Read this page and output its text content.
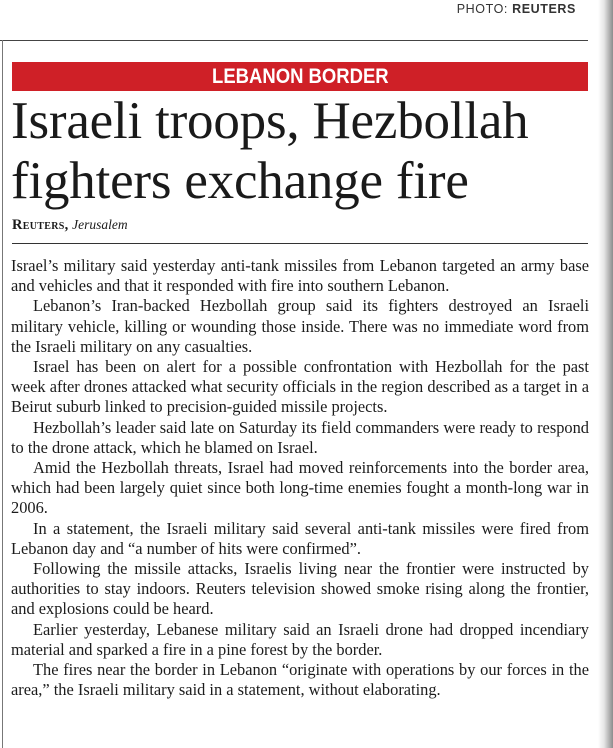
PHOTO: REUTERS
LEBANON BORDER
Israeli troops, Hezbollah fighters exchange fire
Reuters, Jerusalem

Israel’s military said yesterday anti-tank missiles from Lebanon targeted an army base and vehicles and that it responded with fire into southern Lebanon.

Lebanon’s Iran-backed Hezbollah group said its fighters destroyed an Israeli military vehicle, killing or wounding those inside. There was no immediate word from the Israeli military on any casualties.

Israel has been on alert for a possible confrontation with Hezbollah for the past week after drones attacked what security officials in the region described as a target in a Beirut suburb linked to precision-guided missile projects.

Hezbollah’s leader said late on Saturday its field commanders were ready to respond to the drone attack, which he blamed on Israel.

Amid the Hezbollah threats, Israel had moved reinforcements into the border area, which had been largely quiet since both long-time enemies fought a month-long war in 2006.

In a statement, the Israeli military said several anti-tank missiles were fired from Lebanon day and “a number of hits were confirmed”.

Following the missile attacks, Israelis living near the frontier were instructed by authorities to stay indoors. Reuters television showed smoke rising along the frontier, and explosions could be heard.

Earlier yesterday, Lebanese military said an Israeli drone had dropped incendiary material and sparked a fire in a pine forest by the border.

The fires near the border in Lebanon “originate with operations by our forces in the area,” the Israeli military said in a statement, without elaborating.
